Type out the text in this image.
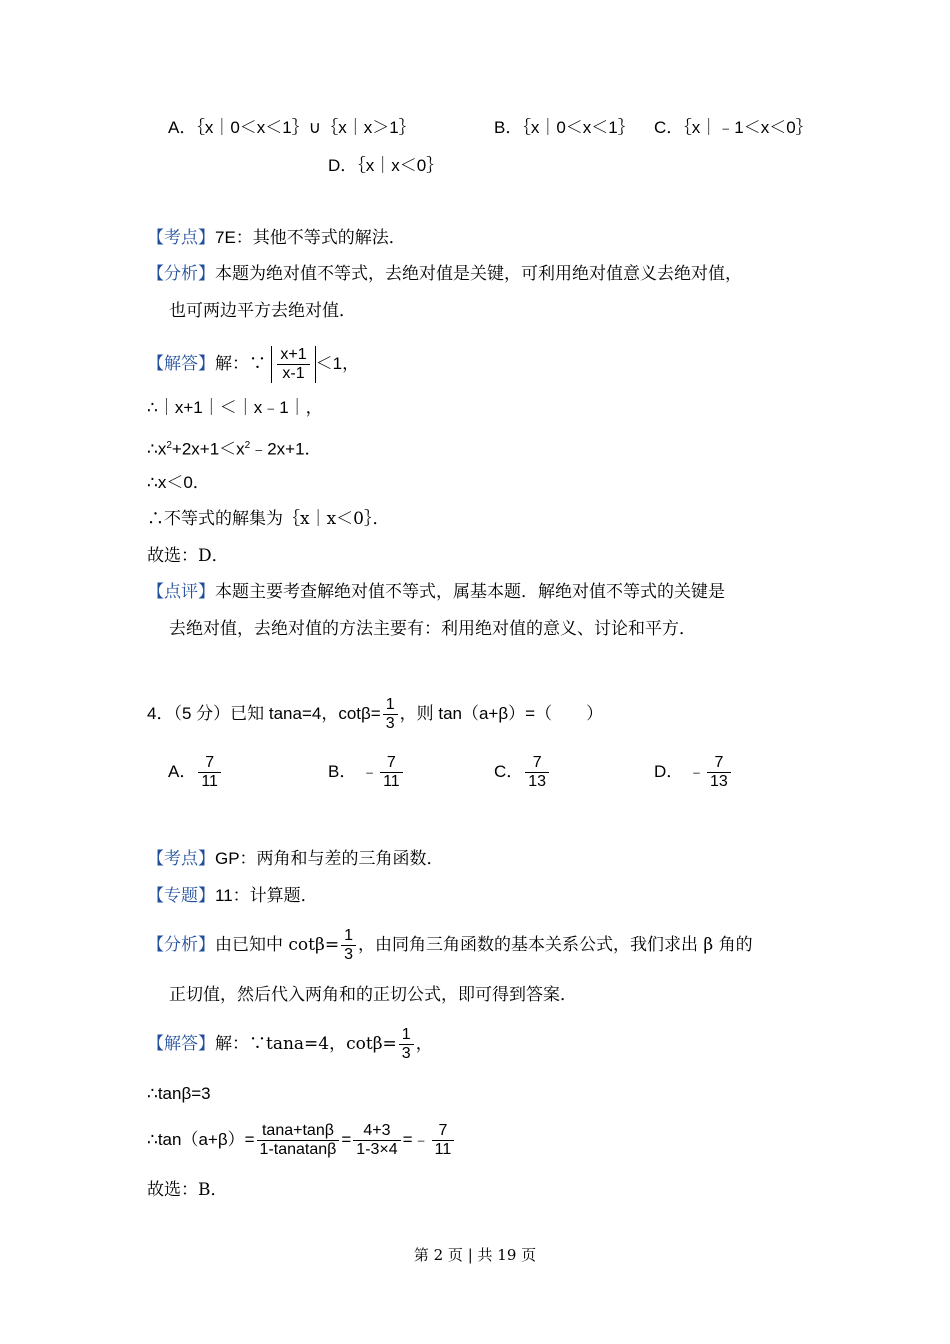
A．｛x｜0＜x＜1｝∪｛x｜x＞1｝	B．｛x｜0＜x＜1｝ C．｛x｜﹣1＜x＜0｝
D．｛x｜x＜0｝
【考点】7E：其他不等式的解法．
【分析】本题为绝对值不等式，去绝对值是关键，可利用绝对值意义去绝对值，
也可两边平方去绝对值．
【解答】解：∵ $\frac{x+1}{x-1} <1$，
∴｜x+1｜＜｜x﹣1｜，
$\therefore x^2+2x+1<x^2﹣2x+1$．
∴x＜0．
∴不等式的解集为｛x｜x＜0｝．
故选：D．
【点评】本题主要考查解绝对值不等式，属基本题．解绝对值不等式的关键是
去绝对值，去绝对值的方法主要有：利用绝对值的意义、讨论和平方．
4．（5 分）已知 tana=4，$\cot\beta= \frac{1}{3}$ ，则 tan（a+β）=（　　）
A． $\frac{7}{11}$	B． ﹣ $\frac{7}{11}$	C． $\frac{7}{13}$	D． ﹣ $\frac{7}{13}$
【考点】GP：两角和与差的三角函数．
【专题】11：计算题．
【分析】由已知中 $\cot\beta= \frac{1}{3}$ ，由同角三角函数的基本关系公式，我们求出 β 角的
正切值，然后代入两角和的正切公式，即可得到答案．
【解答】解：∵tana=4，$\cot\beta= \frac{1}{3}$ ，
∴tanβ=3
∴tan（a+β）= $\frac{\tan a+\tan\beta}{\text{1-tanatanβ}} = \frac{4+3}{1-3\times 4}$ =﹣ $\frac{7}{11}$
故选：B．
第 2 页 | 共 19 页
